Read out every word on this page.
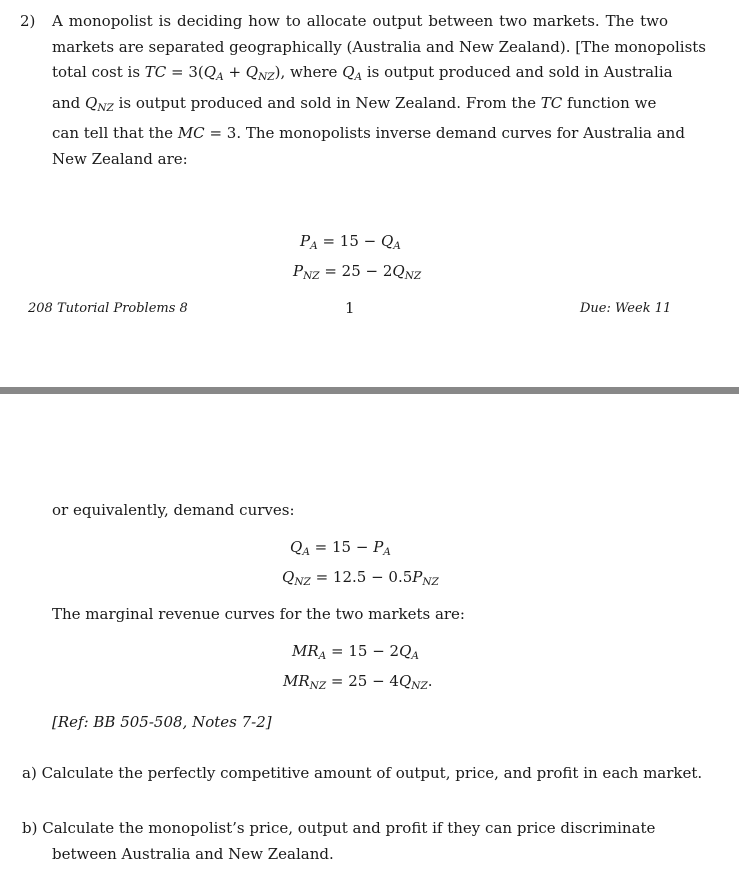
2) A monopolist is deciding how to allocate output between two markets. The two
markets are separated geographically (Australia and New Zealand). [The monopolists
total cost is TC = $3(Q_A + Q_{NZ})$, where $Q_A$ is output produced and sold in Australia
and $Q_{NZ}$ is output produced and sold in New Zealand. From the TC function we
can tell that the MC = 3. The monopolists inverse demand curves for Australia and
New Zealand are:
$P_A = 15 - Q_A$
$P_{NZ} = 25 - 2Q_{NZ}$
208 Tutorial Problems 8	1	Due: Week 11
or equivalently, demand curves:
$Q_A = 15 - P_A$
$Q_{NZ} = 12.5 - 0.5P_{NZ}$
The marginal revenue curves for the two markets are:
$MR_A = 15 - 2Q_A$
$MR_{NZ} = 25 - 4Q_{NZ}$.
[Ref: BB 505-508, Notes 7-2]
a) Calculate the perfectly competitive amount of output, price, and profit in each market.
b) Calculate the monopolist’s price, output and profit if they can price discriminate
between Australia and New Zealand.
